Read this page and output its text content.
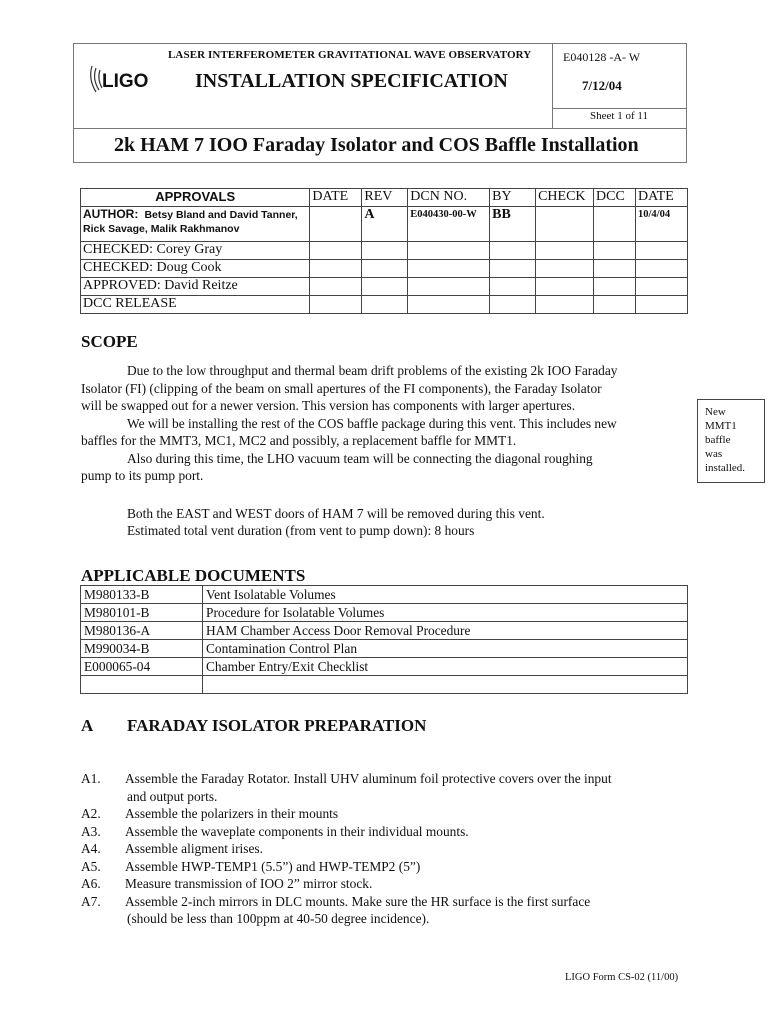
LIGO
LASER INTERFEROMETER GRAVITATIONAL WAVE OBSERVATORY
INSTALLATION SPECIFICATION
E040128 -A- W
7/12/04
Sheet 1 of 11
2k HAM 7 IOO Faraday Isolator and COS Baffle Installation
APPROVALS	DATE	REV	DCN NO.	BY	CHECK	DCC	DATE
AUTHOR: Betsy Bland and David Tanner,
Rick Savage, Malik Rakhmanov		A	E040430-00-W	BB			10/4/04
CHECKED: Corey Gray							
CHECKED: Doug Cook							
APPROVED: David Reitze							
DCC RELEASE							
SCOPE
Due to the low throughput and thermal beam drift problems of the existing 2k IOO Faraday
Isolator (FI) (clipping of the beam on small apertures of the FI components), the Faraday Isolator
will be swapped out for a newer version. This version has components with larger apertures.
We will be installing the rest of the COS baffle package during this vent. This includes new
baffles for the MMT3, MC1, MC2 and possibly, a replacement baffle for MMT1.
Also during this time, the LHO vacuum team will be connecting the diagonal roughing
pump to its pump port.
Both the EAST and WEST doors of HAM 7 will be removed during this vent.
Estimated total vent duration (from vent to pump down): 8 hours
New
MMT1
baffle
was
installed.
APPLICABLE DOCUMENTS
M980133-B	Vent Isolatable Volumes
M980101-B	Procedure for Isolatable Volumes
M980136-A	HAM Chamber Access Door Removal Procedure
M990034-B	Contamination Control Plan
E000065-04	Chamber Entry/Exit Checklist

A FARADAY ISOLATOR PREPARATION
A1. Assemble the Faraday Rotator. Install UHV aluminum foil protective covers over the input
and output ports.
A2. Assemble the polarizers in their mounts
A3. Assemble the waveplate components in their individual mounts.
A4. Assemble aligment irises.
A5. Assemble HWP-TEMP1 (5.5”) and HWP-TEMP2 (5”)
A6. Measure transmission of IOO 2” mirror stock.
A7. Assemble 2-inch mirrors in DLC mounts. Make sure the HR surface is the first surface
(should be less than 100ppm at 40-50 degree incidence).
LIGO Form CS-02 (11/00)
